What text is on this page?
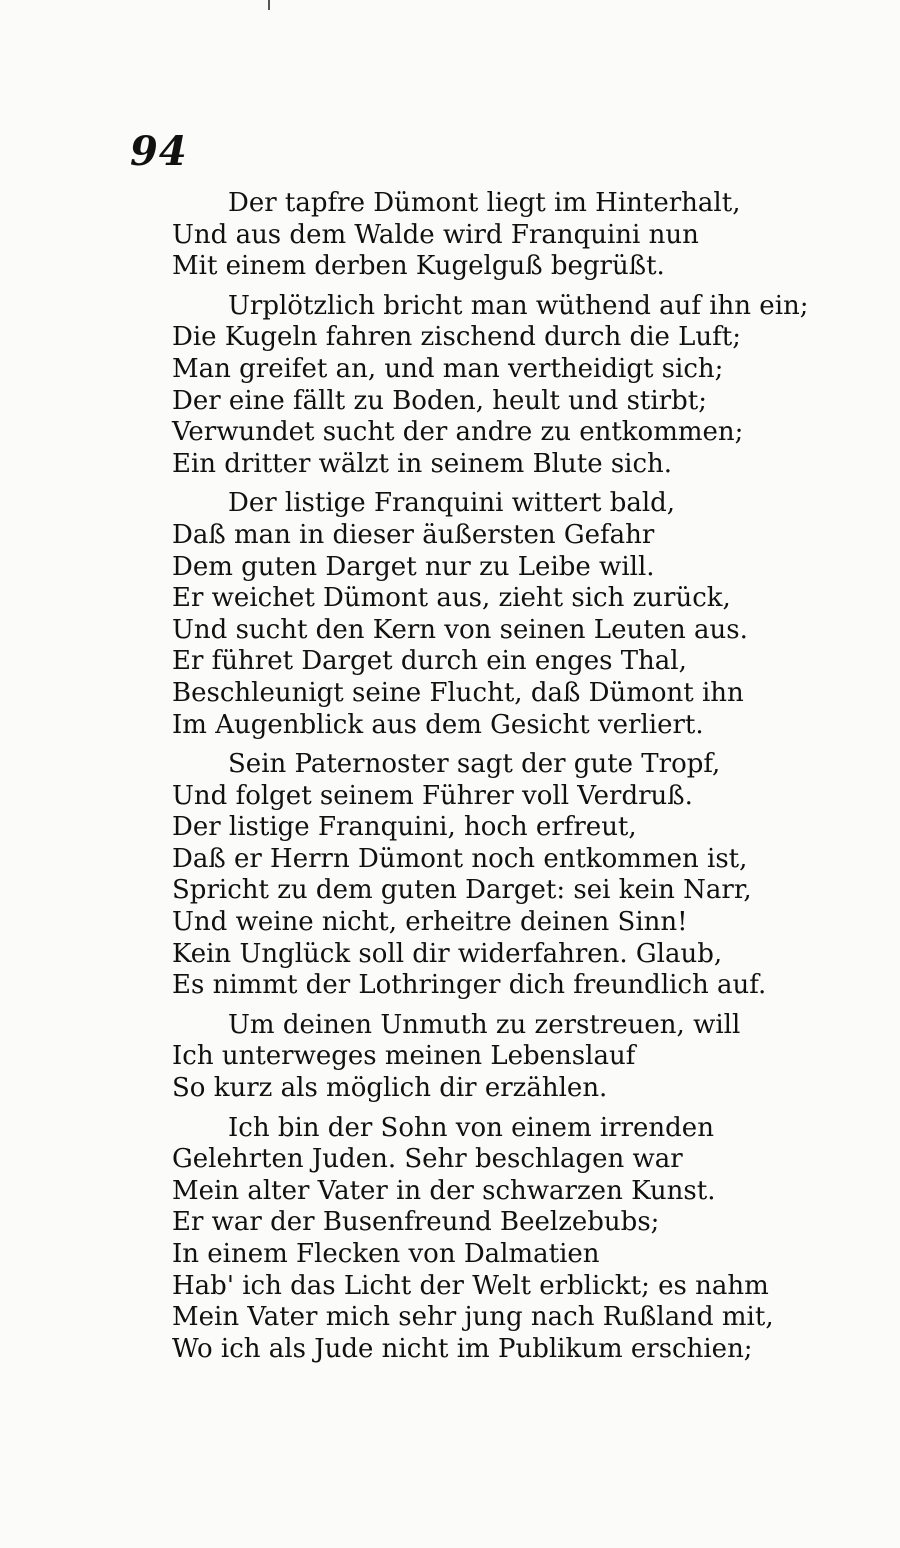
94
Der tapfre Dümont liegt im Hinterhalt,
Und aus dem Walde wird Franquini nun
Mit einem derben Kugelguß begrüßt.
Urplötzlich bricht man wüthend auf ihn ein;
Die Kugeln fahren zischend durch die Luft;
Man greifet an, und man vertheidigt sich;
Der eine fällt zu Boden, heult und stirbt;
Verwundet sucht der andre zu entkommen;
Ein dritter wälzt in seinem Blute sich.
Der listige Franquini wittert bald,
Daß man in dieser äußersten Gefahr
Dem guten Darget nur zu Leibe will.
Er weichet Dümont aus, zieht sich zurück,
Und sucht den Kern von seinen Leuten aus.
Er führet Darget durch ein enges Thal,
Beschleunigt seine Flucht, daß Dümont ihn
Im Augenblick aus dem Gesicht verliert.
Sein Paternoster sagt der gute Tropf,
Und folget seinem Führer voll Verdruß.
Der listige Franquini, hoch erfreut,
Daß er Herrn Dümont noch entkommen ist,
Spricht zu dem guten Darget: sei kein Narr,
Und weine nicht, erheitre deinen Sinn!
Kein Unglück soll dir widerfahren. Glaub,
Es nimmt der Lothringer dich freundlich auf.
Um deinen Unmuth zu zerstreuen, will
Ich unterweges meinen Lebenslauf
So kurz als möglich dir erzählen.
Ich bin der Sohn von einem irrenden
Gelehrten Juden. Sehr beschlagen war
Mein alter Vater in der schwarzen Kunst.
Er war der Busenfreund Beelzebubs;
In einem Flecken von Dalmatien
Hab' ich das Licht der Welt erblickt; es nahm
Mein Vater mich sehr jung nach Rußland mit,
Wo ich als Jude nicht im Publikum erschien;
